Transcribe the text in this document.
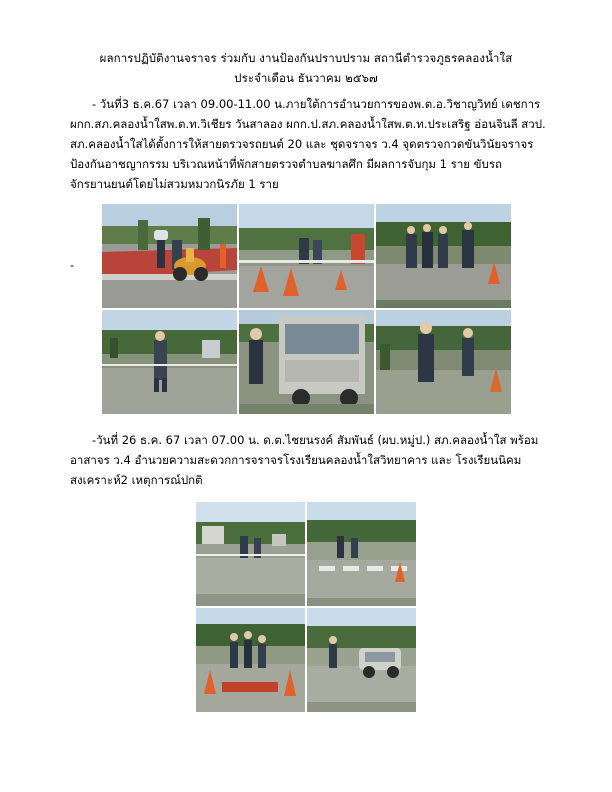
ผลการปฏิบัติงานจราจร ร่วมกับ งานป้องกันปราบปราม สถานีตำรวจภูธรคลองน้ำใส
ประจำเดือน ธันวาคม ๒๕๖๗

- วันที่3 ธ.ค.67 เวลา 09.00-11.00 น.ภายใต้การอำนวยการของพ.ต.อ.วิชาญวิทย์ เดชการ ผกก.สภ.คลองน้ำใสพ.ต.ท.วิเชียร วันสาลอง ผกก.ป.สภ.คลองน้ำใสพ.ต.ท.ประเสริฐ อ่อนจินลี สวป. สภ.คลองน้ำใสได้ตั้งการให้สายตรวจรถยนต์ 20 และ ชุดจราจร ว.4 จุดตรวจกวดขันวินัยจราจร ป้องกันอาชญากรรม บริเวณหน้าที่พักสายตรวจตำบลฆาลศึก มีผลการจับกุม 1 ราย ขับรถจักรยานยนต์โดยไม่สวมหมวกนิรภัย 1 ราย

-

-วันที่ 26 ธ.ค. 67 เวลา 07.00 น. ด.ต.ไชยนรงค์ สัมพันธ์ (ผบ.หมู่ป.) สภ.คลองน้ำใส พร้อมอาสาจร ว.4 อำนวยความสะดวกการจราจรโรงเรียนคลองน้ำใสวิทยาคาร และ โรงเรียนนิคมสงเคราะห์2 เหตุการณ์ปกติ
